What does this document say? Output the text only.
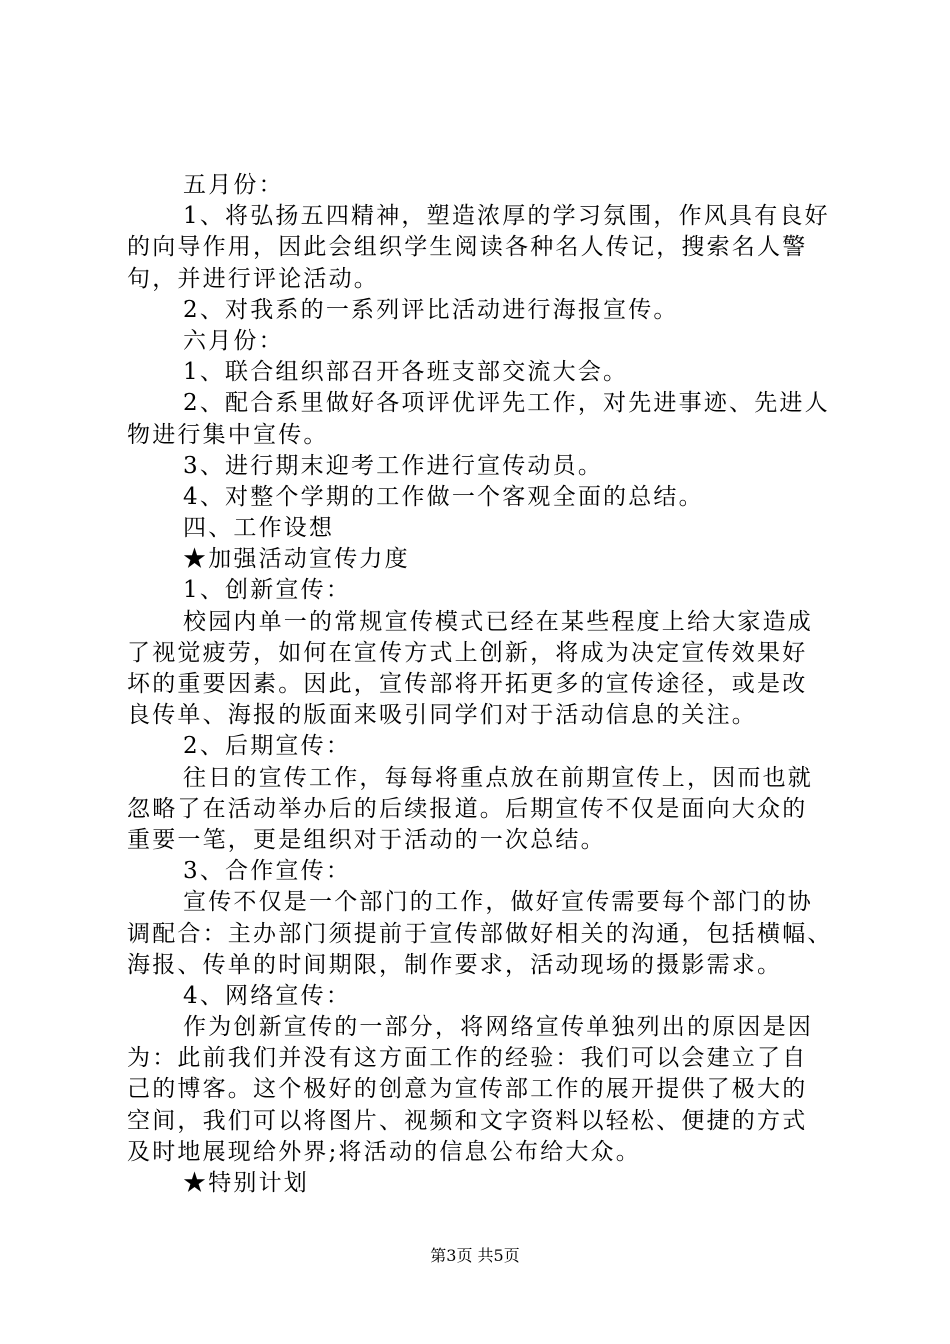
五月份：
1、将弘扬五四精神，塑造浓厚的学习氛围，作风具有良好
的向导作用，因此会组织学生阅读各种名人传记，搜索名人警
句，并进行评论活动。
2、对我系的一系列评比活动进行海报宣传。
六月份：
1、联合组织部召开各班支部交流大会。
2、配合系里做好各项评优评先工作，对先进事迹、先进人
物进行集中宣传。
3、进行期末迎考工作进行宣传动员。
4、对整个学期的工作做一个客观全面的总结。
四、工作设想
★加强活动宣传力度
1、创新宣传：
校园内单一的常规宣传模式已经在某些程度上给大家造成
了视觉疲劳，如何在宣传方式上创新，将成为决定宣传效果好
坏的重要因素。因此，宣传部将开拓更多的宣传途径，或是改
良传单、海报的版面来吸引同学们对于活动信息的关注。
2、后期宣传：
往日的宣传工作，每每将重点放在前期宣传上，因而也就
忽略了在活动举办后的后续报道。后期宣传不仅是面向大众的
重要一笔，更是组织对于活动的一次总结。
3、合作宣传：
宣传不仅是一个部门的工作，做好宣传需要每个部门的协
调配合：主办部门须提前于宣传部做好相关的沟通，包括横幅、
海报、传单的时间期限，制作要求，活动现场的摄影需求。
4、网络宣传：
作为创新宣传的一部分，将网络宣传单独列出的原因是因
为：此前我们并没有这方面工作的经验：我们可以会建立了自
己的博客。这个极好的创意为宣传部工作的展开提供了极大的
空间，我们可以将图片、视频和文字资料以轻松、便捷的方式
及时地展现给外界;将活动的信息公布给大众。
★特别计划
第3页 共5页
